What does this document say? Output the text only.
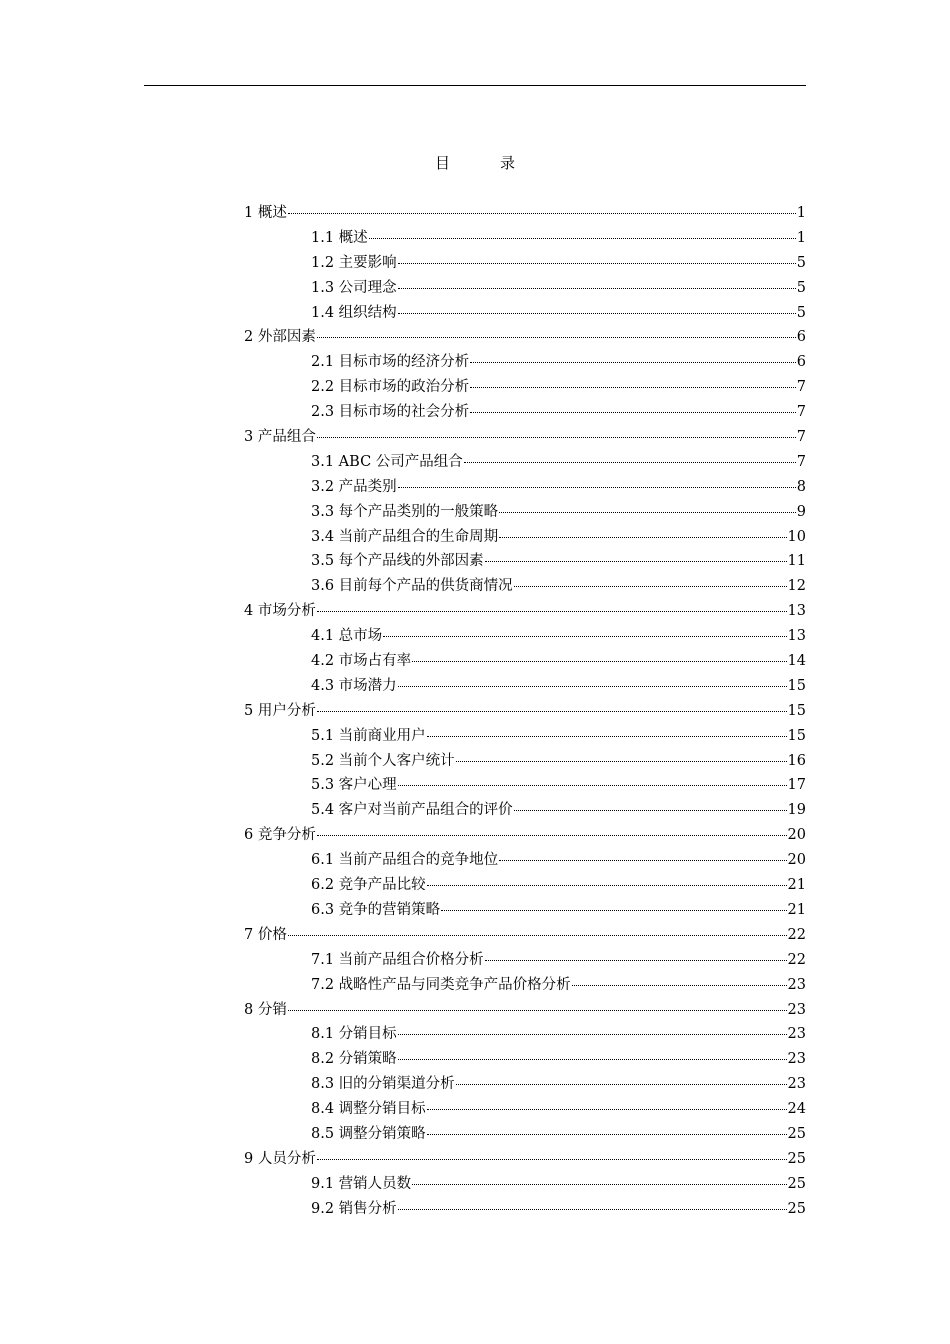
目	录
1 概述	1
1.1 概述	1
1.2 主要影响	5
1.3 公司理念	5
1.4 组织结构	5
2 外部因素	6
2.1 目标市场的经济分析	6
2.2 目标市场的政治分析	7
2.3 目标市场的社会分析	7
3 产品组合	7
3.1 ABC 公司产品组合	7
3.2 产品类别	8
3.3 每个产品类别的一般策略	9
3.4 当前产品组合的生命周期	10
3.5 每个产品线的外部因素	11
3.6 目前每个产品的供货商情况	12
4 市场分析	13
4.1 总市场	13
4.2 市场占有率	14
4.3 市场潜力	15
5 用户分析	15
5.1 当前商业用户	15
5.2 当前个人客户统计	16
5.3 客户心理	17
5.4 客户对当前产品组合的评价	19
6 竞争分析	20
6.1 当前产品组合的竞争地位	20
6.2 竞争产品比较	21
6.3 竞争的营销策略	21
7 价格	22
7.1 当前产品组合价格分析	22
7.2 战略性产品与同类竞争产品价格分析	23
8 分销	23
8.1 分销目标	23
8.2 分销策略	23
8.3 旧的分销渠道分析	23
8.4 调整分销目标	24
8.5 调整分销策略	25
9 人员分析	25
9.1 营销人员数	25
9.2 销售分析	25
